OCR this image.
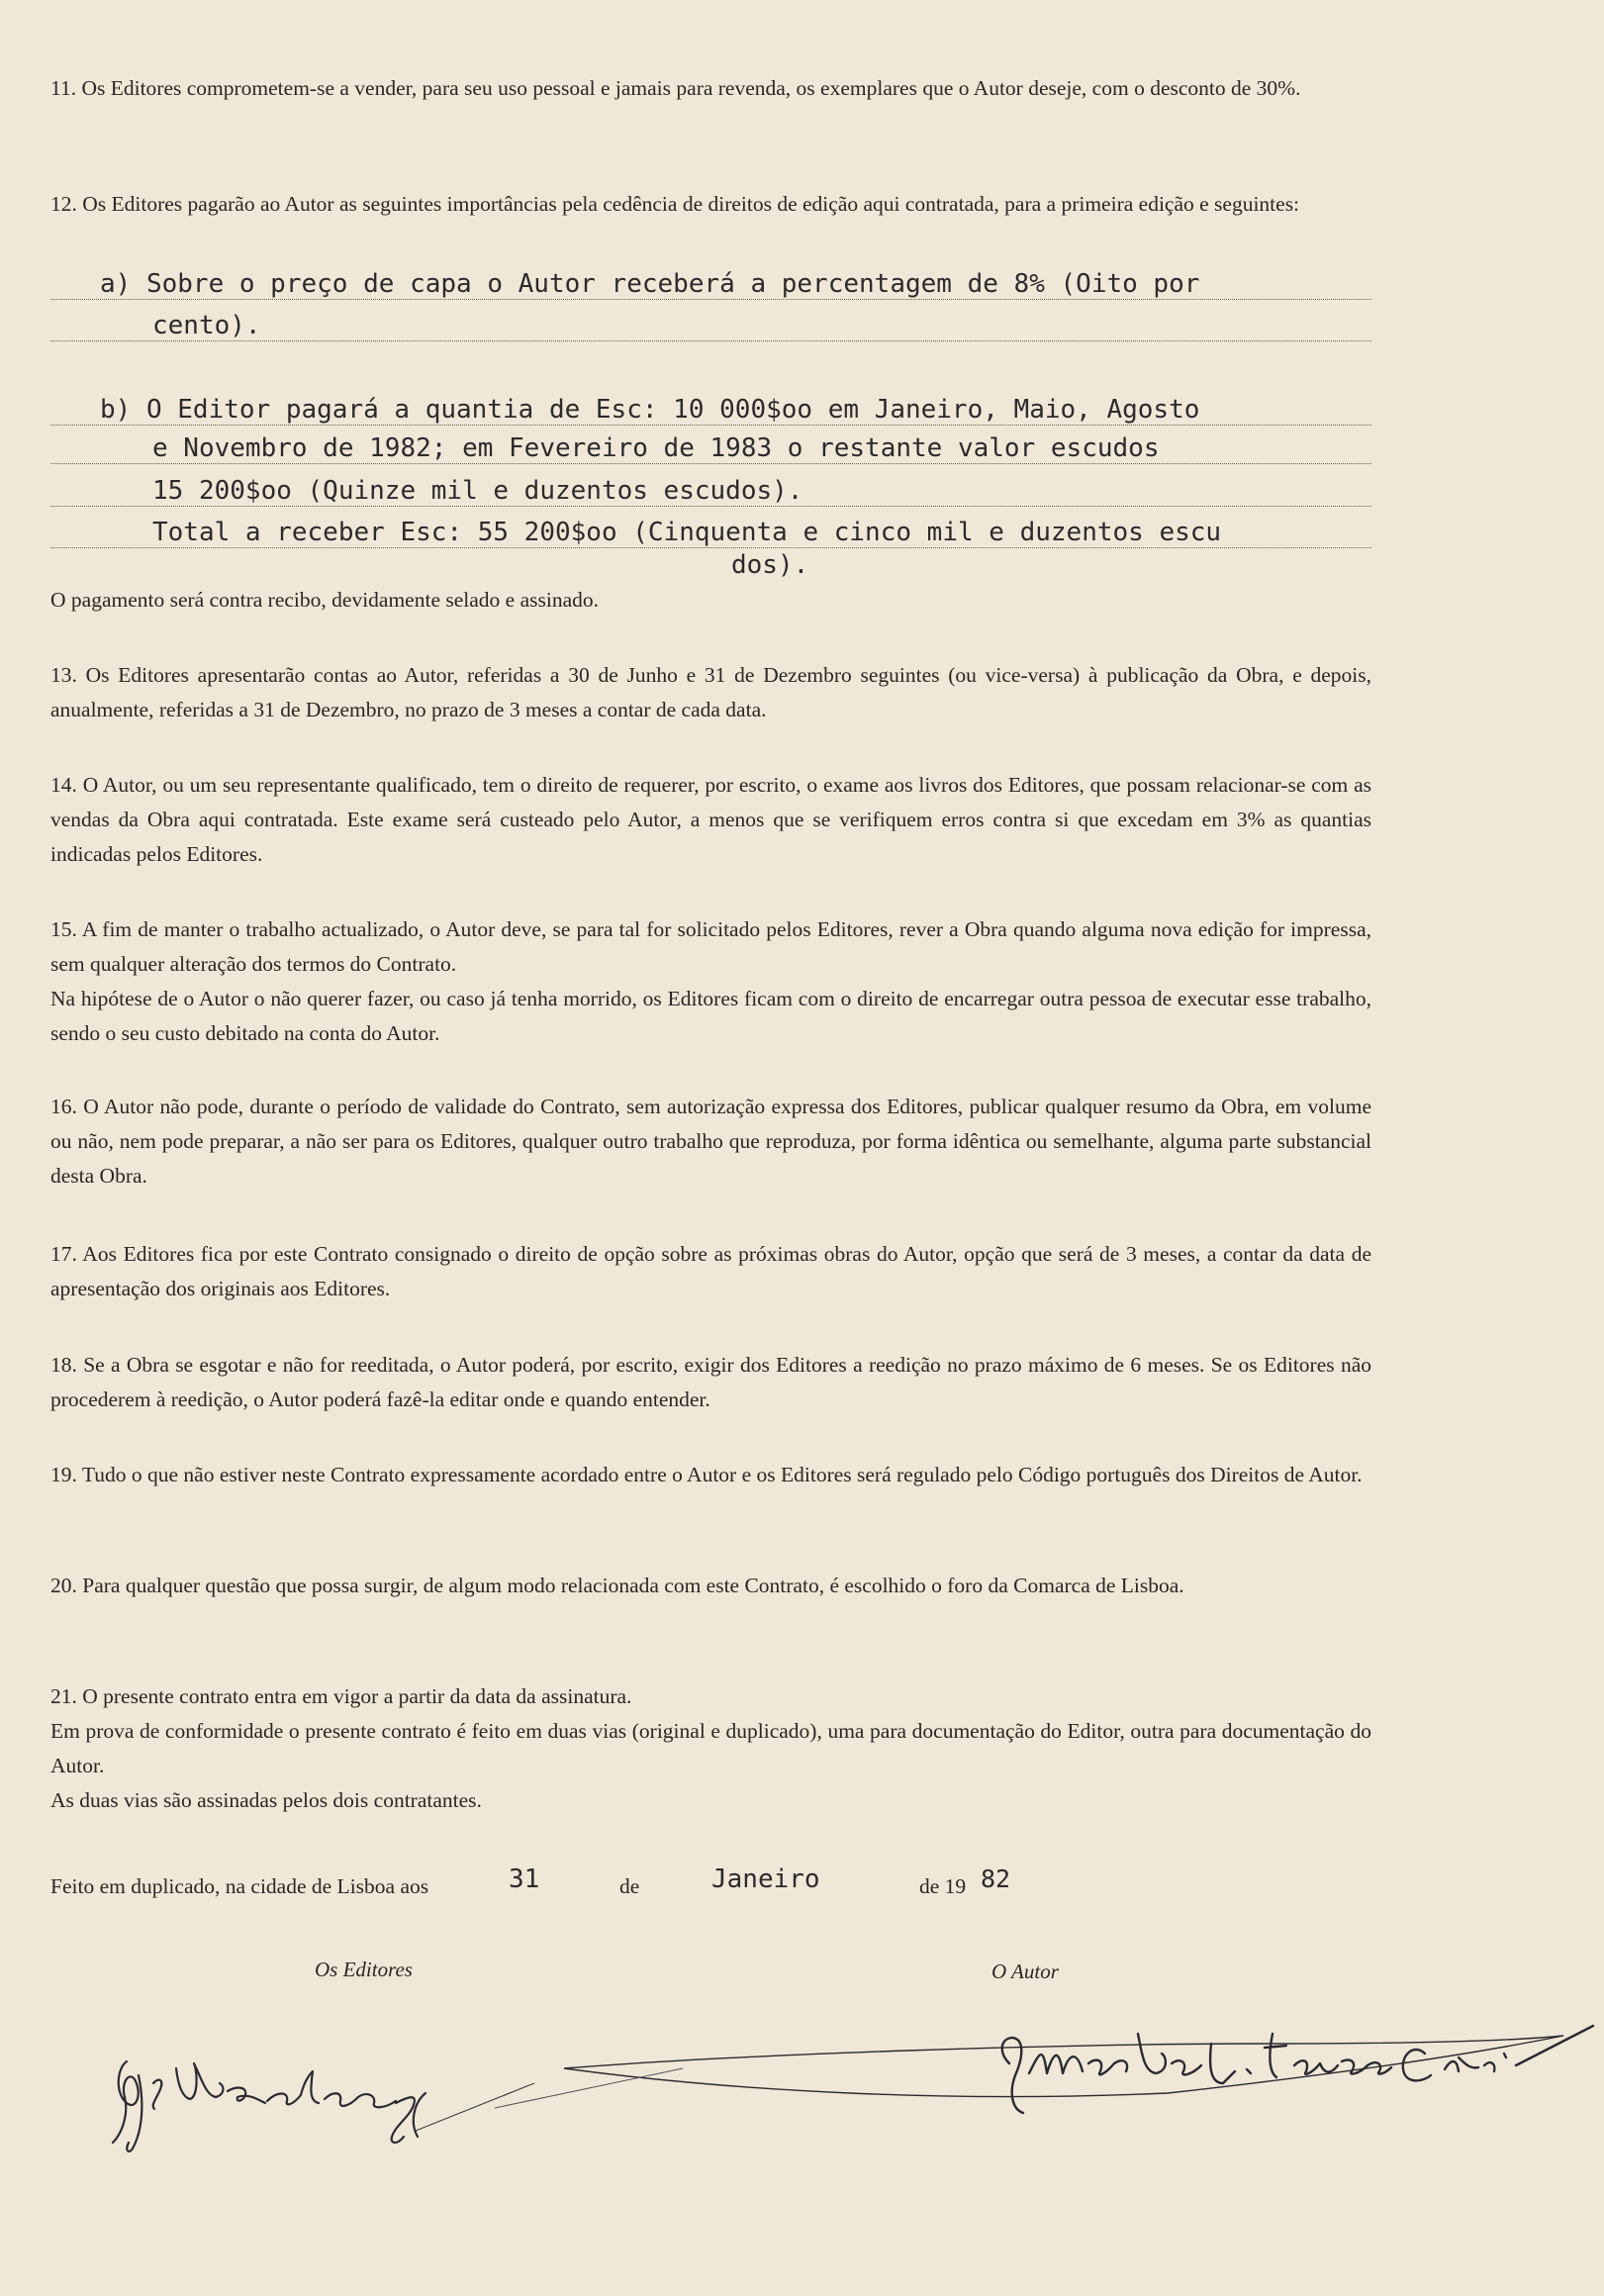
11. Os Editores comprometem-se a vender, para seu uso pessoal e jamais para revenda, os exemplares que o Autor deseje, com o desconto de 30%.

12. Os Editores pagarão ao Autor as seguintes importâncias pela cedência de direitos de edição aqui contratada, para a primeira edição e seguintes:

a) Sobre o preço de capa o Autor receberá a percentagem de 8% (Oito por

cento).

b) O Editor pagará a quantia de Esc: 10 000$oo em Janeiro, Maio, Agosto

e Novembro de 1982; em Fevereiro de 1983 o restante valor escudos

15 200$oo (Quinze mil e duzentos escudos).

Total a receber Esc: 55 200$oo (Cinquenta e cinco mil e duzentos escu

dos).

O pagamento será contra recibo, devidamente selado e assinado.

13. Os Editores apresentarão contas ao Autor, referidas a 30 de Junho e 31 de Dezembro seguintes (ou vice-versa) à publicação da Obra, e depois, anualmente, referidas a 31 de Dezembro, no prazo de 3 meses a contar de cada data.

14. O Autor, ou um seu representante qualificado, tem o direito de requerer, por escrito, o exame aos livros dos Editores, que possam relacionar-se com as vendas da Obra aqui contratada. Este exame será custeado pelo Autor, a menos que se verifiquem erros contra si que excedam em 3% as quantias indicadas pelos Editores.

15. A fim de manter o trabalho actualizado, o Autor deve, se para tal for solicitado pelos Editores, rever a Obra quando alguma nova edição for impressa, sem qualquer alteração dos termos do Contrato.

Na hipótese de o Autor o não querer fazer, ou caso já tenha morrido, os Editores ficam com o direito de encarregar outra pessoa de executar esse trabalho, sendo o seu custo debitado na conta do Autor.

16. O Autor não pode, durante o período de validade do Contrato, sem autorização expressa dos Editores, publicar qualquer resumo da Obra, em volume ou não, nem pode preparar, a não ser para os Editores, qualquer outro trabalho que reproduza, por forma idêntica ou semelhante, alguma parte substancial desta Obra.

17. Aos Editores fica por este Contrato consignado o direito de opção sobre as próximas obras do Autor, opção que será de 3 meses, a contar da data de apresentação dos originais aos Editores.

18. Se a Obra se esgotar e não for reeditada, o Autor poderá, por escrito, exigir dos Editores a reedição no prazo máximo de 6 meses. Se os Editores não procederem à reedição, o Autor poderá fazê-la editar onde e quando entender.

19. Tudo o que não estiver neste Contrato expressamente acordado entre o Autor e os Editores será regulado pelo Código português dos Direitos de Autor.

20. Para qualquer questão que possa surgir, de algum modo relacionada com este Contrato, é escolhido o foro da Comarca de Lisboa.

21. O presente contrato entra em vigor a partir da data da assinatura.

Em prova de conformidade o presente contrato é feito em duas vias (original e duplicado), uma para documentação do Editor, outra para documentação do Autor.

As duas vias são assinadas pelos dois contratantes.

Feito em duplicado, na cidade de Lisboa aos	31	de	Janeiro	de 19 82
Os Editores	O Autor
